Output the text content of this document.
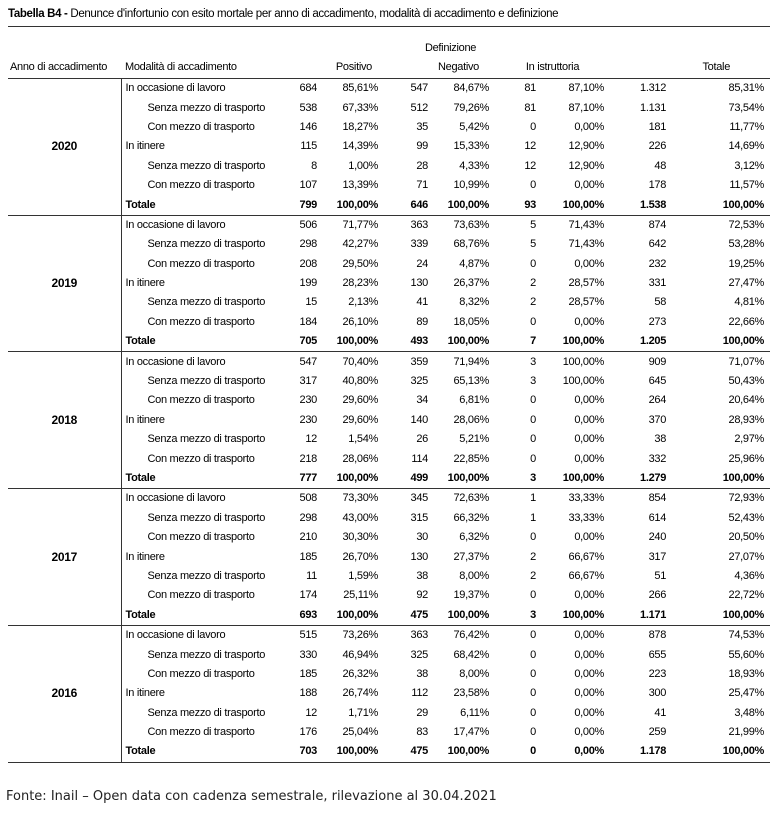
Tabella B4 - Denunce d'infortunio con esito mortale per anno di accadimento, modalità di accadimento e definizione
		Definizione							
Anno di accadimento	Modalità di accadimento	Positivo		Negativo		In istruttoria		Totale	
2020	In occasione di lavoro	684	85,61%	547	84,67%	81	87,10%	1.312	85,31%
	Senza mezzo di trasporto	538	67,33%	512	79,26%	81	87,10%	1.131	73,54%
	Con mezzo di trasporto	146	18,27%	35	5,42%	0	0,00%	181	11,77%
	In itinere	115	14,39%	99	15,33%	12	12,90%	226	14,69%
	Senza mezzo di trasporto	8	1,00%	28	4,33%	12	12,90%	48	3,12%
	Con mezzo di trasporto	107	13,39%	71	10,99%	0	0,00%	178	11,57%
	Totale	799	100,00%	646	100,00%	93	100,00%	1.538	100,00%
2019	In occasione di lavoro	506	71,77%	363	73,63%	5	71,43%	874	72,53%
	Senza mezzo di trasporto	298	42,27%	339	68,76%	5	71,43%	642	53,28%
	Con mezzo di trasporto	208	29,50%	24	4,87%	0	0,00%	232	19,25%
	In itinere	199	28,23%	130	26,37%	2	28,57%	331	27,47%
	Senza mezzo di trasporto	15	2,13%	41	8,32%	2	28,57%	58	4,81%
	Con mezzo di trasporto	184	26,10%	89	18,05%	0	0,00%	273	22,66%
	Totale	705	100,00%	493	100,00%	7	100,00%	1.205	100,00%
2018	In occasione di lavoro	547	70,40%	359	71,94%	3	100,00%	909	71,07%
	Senza mezzo di trasporto	317	40,80%	325	65,13%	3	100,00%	645	50,43%
	Con mezzo di trasporto	230	29,60%	34	6,81%	0	0,00%	264	20,64%
	In itinere	230	29,60%	140	28,06%	0	0,00%	370	28,93%
	Senza mezzo di trasporto	12	1,54%	26	5,21%	0	0,00%	38	2,97%
	Con mezzo di trasporto	218	28,06%	114	22,85%	0	0,00%	332	25,96%
	Totale	777	100,00%	499	100,00%	3	100,00%	1.279	100,00%
2017	In occasione di lavoro	508	73,30%	345	72,63%	1	33,33%	854	72,93%
	Senza mezzo di trasporto	298	43,00%	315	66,32%	1	33,33%	614	52,43%
	Con mezzo di trasporto	210	30,30%	30	6,32%	0	0,00%	240	20,50%
	In itinere	185	26,70%	130	27,37%	2	66,67%	317	27,07%
	Senza mezzo di trasporto	11	1,59%	38	8,00%	2	66,67%	51	4,36%
	Con mezzo di trasporto	174	25,11%	92	19,37%	0	0,00%	266	22,72%
	Totale	693	100,00%	475	100,00%	3	100,00%	1.171	100,00%
2016	In occasione di lavoro	515	73,26%	363	76,42%	0	0,00%	878	74,53%
	Senza mezzo di trasporto	330	46,94%	325	68,42%	0	0,00%	655	55,60%
	Con mezzo di trasporto	185	26,32%	38	8,00%	0	0,00%	223	18,93%
	In itinere	188	26,74%	112	23,58%	0	0,00%	300	25,47%
	Senza mezzo di trasporto	12	1,71%	29	6,11%	0	0,00%	41	3,48%
	Con mezzo di trasporto	176	25,04%	83	17,47%	0	0,00%	259	21,99%
	Totale	703	100,00%	475	100,00%	0	0,00%	1.178	100,00%
Fonte: Inail – Open data con cadenza semestrale, rilevazione al 30.04.2021
